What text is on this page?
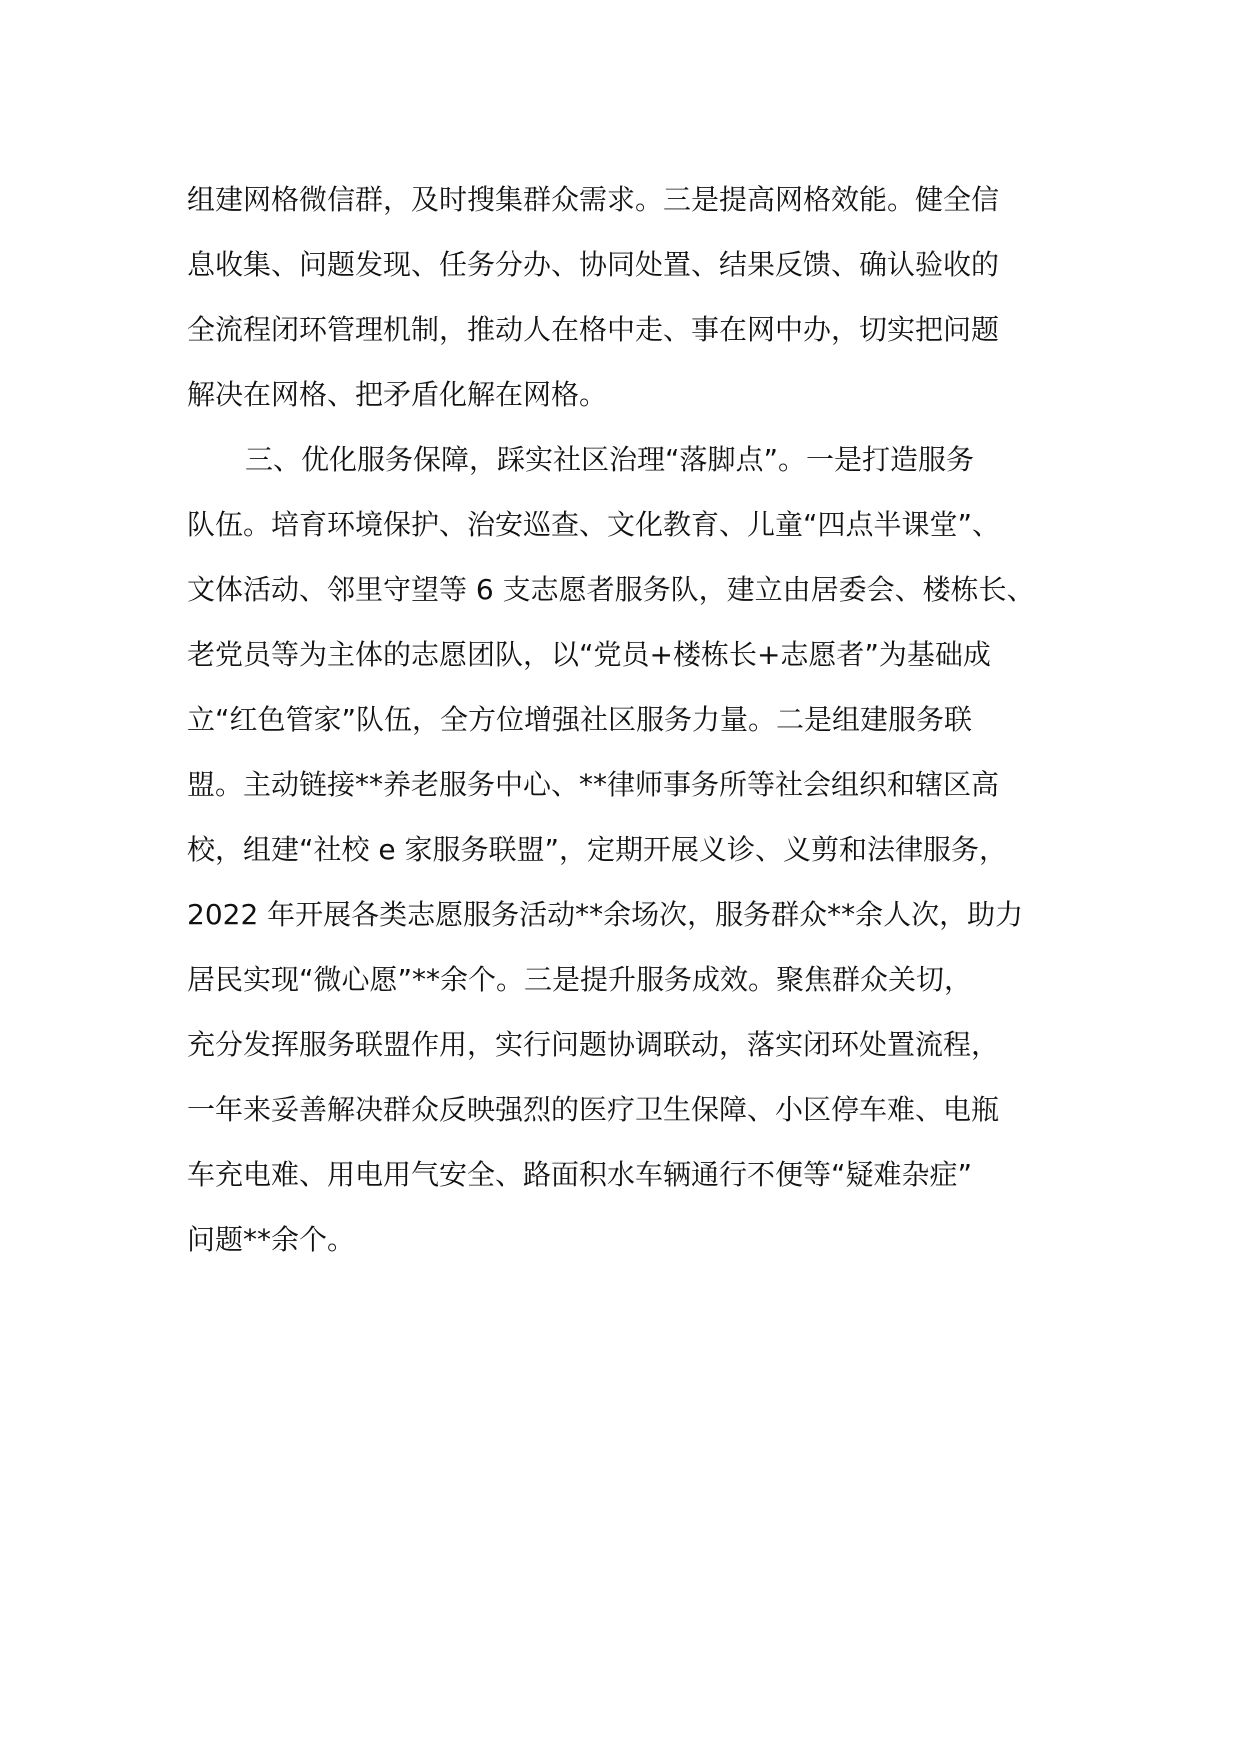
组建网格微信群，及时搜集群众需求。三是提高网格效能。健全信
息收集、问题发现、任务分办、协同处置、结果反馈、确认验收的
全流程闭环管理机制，推动人在格中走、事在网中办，切实把问题
解决在网格、把矛盾化解在网格。
三、优化服务保障，踩实社区治理“落脚点”。一是打造服务
队伍。培育环境保护、治安巡查、文化教育、儿童“四点半课堂”、
文体活动、邻里守望等 6 支志愿者服务队，建立由居委会、楼栋长、
老党员等为主体的志愿团队，以“党员+楼栋长+志愿者”为基础成
立“红色管家”队伍，全方位增强社区服务力量。二是组建服务联
盟。主动链接**养老服务中心、**律师事务所等社会组织和辖区高
校，组建“社校 e 家服务联盟”，定期开展义诊、义剪和法律服务，
2022 年开展各类志愿服务活动**余场次，服务群众**余人次，助力
居民实现“微心愿”**余个。三是提升服务成效。聚焦群众关切，
充分发挥服务联盟作用，实行问题协调联动，落实闭环处置流程，
一年来妥善解决群众反映强烈的医疗卫生保障、小区停车难、电瓶
车充电难、用电用气安全、路面积水车辆通行不便等“疑难杂症”
问题**余个。
